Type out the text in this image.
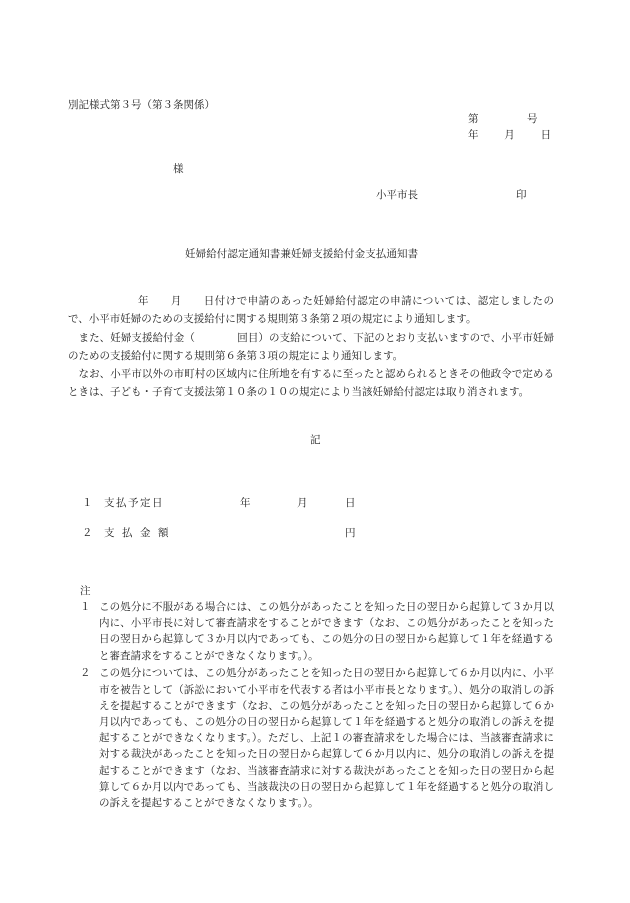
別記様式第３号（第３条関係）
第　　　　号
年　　月　　日
様
小平市長	印
妊婦給付認定通知書兼妊婦支援給付金支払通知書

年　　月　　日付けで申請のあった妊婦給付認定の申請については、認定しましたので、小平市妊婦のための支援給付に関する規則第３条第２項の規定により通知します。

また、妊婦支援給付金（　　　　回目）の支給について、下記のとおり支払いますので、小平市妊婦のための支援給付に関する規則第６条第３項の規定により通知します。

なお、小平市以外の市町村の区域内に住所地を有するに至ったと認められるときその他政令で定めるときは、子ども・子育て支援法第１０条の１０の規定により当該妊婦給付認定は取り消されます。

記
１ 支払予定日	年	月	日
２ 支払金額	円
注
１ この処分に不服がある場合には、この処分があったことを知った日の翌日から起算して３か月以内に、小平市長に対して審査請求をすることができます（なお、この処分があったことを知った日の翌日から起算して３か月以内であっても、この処分の日の翌日から起算して１年を経過すると審査請求をすることができなくなります。）。
２ この処分については、この処分があったことを知った日の翌日から起算して６か月以内に、小平市を被告として（訴訟において小平市を代表する者は小平市長となります。）、処分の取消しの訴えを提起することができます（なお、この処分があったことを知った日の翌日から起算して６か月以内であっても、この処分の日の翌日から起算して１年を経過すると処分の取消しの訴えを提起することができなくなります。）。ただし、上記１の審査請求をした場合には、当該審査請求に対する裁決があったことを知った日の翌日から起算して６か月以内に、処分の取消しの訴えを提起することができます（なお、当該審査請求に対する裁決があったことを知った日の翌日から起算して６か月以内であっても、当該裁決の日の翌日から起算して１年を経過すると処分の取消しの訴えを提起することができなくなります。）。
